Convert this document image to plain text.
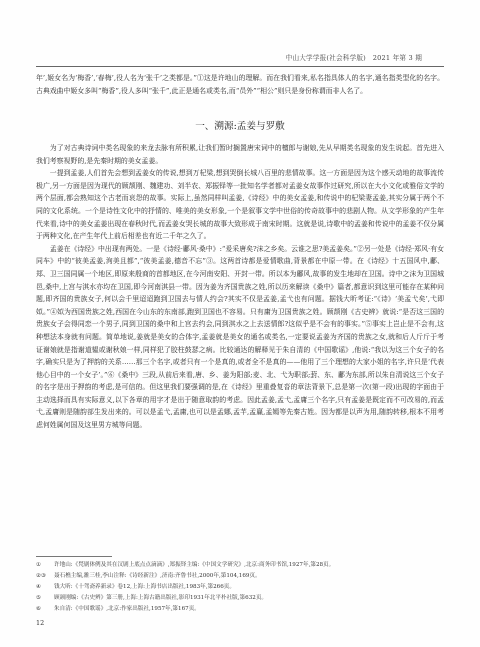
中山大学学报(社会科学版)　2021 年第 3 期

年’,姬女名为‘梅香’,‘春梅’,役人名为‘张千’之类都是。”①这是许地山的理解。而在我们看来,私名指具体人的名字,通名指类型化的名字。古典戏曲中姬女多叫“梅香”,役人多叫“张千”,此正是通名或类名,而“员外”“相公”则只是身份称谓而非人名了。

一、溯源:孟姜与罗敷

为了对古典诗词中类名现象的来龙去脉有所积累,让我们暂时搁置唐宋词中的檀郎与谢娘,先从早期类名现象的发生说起。首先进入我们考察视野的,是先秦时期的美女孟姜。

一提到孟姜,人们首先会想到孟姜女的传说,想到万杞梁,想到哭倒长城八百里的悲情故事。这一方面是因为这个感天动地的故事流传极广,另一方面是因为现代的顾颉刚、魏建功、刘半农、郑振铎等一批知名学者都对孟姜女故事作过研究,所以在大小文化或雅俗文学的两个层面,都会熟知这个古老而哀怨的故事。实际上,虽然同样叫孟姜,《诗经》中的美女孟姜,和传说中的杞梁妻孟姜,其实分属于两个不同的文化系统。一个是诗性文化中的抒情的、唯美的美女形象,一个是叙事文学中世俗的传奇故事中的悲剧人物。从文学形象的产生年代来看,诗中的美女孟姜出现在春秋时代,而孟姜女哭长城的故事大致形成于南宋时期。这就是说,诗歌中的孟姜和传说中的孟姜不仅分属于两种文化,在产生年代上前后相差也有近二千年之久了。

孟姜在《诗经》中出现有两处。一是《诗经·鄘风·桑中》:“爰采唐矣?沫之乡矣。云谁之思?美孟姜矣。”②另一处是《诗经·郑风·有女同车》中的“彼美孟姜,洵美且都”,“彼美孟姜,德音不忘”③。这两首诗都是爱情歌曲,背景都在中原一带。在《诗经》十五国风中,鄘、郑、卫三国同属一个地区,即原来殷商的首都地区,在今河南安阳、开封一带。所以本为鄘风,故事的发生地却在卫国。诗中之沫为卫国城邑,桑中,上宫与淇水亦均在卫国,即今河南淇县一带。因为姜为齐国贵族之姓,所以历来解读《桑中》篇者,都意识到这里可能存在某种问题,即齐国的贵族女子,何以会千里迢迢跑到卫国去与情人约会?其实不仅是孟姜,孟弋也有问题。据钱大昕考证:“《诗》‘美孟弋矣’,弋即姒。”④姒为西国贵族之姓,西国在今山东的东南部,跑到卫国也不容易。只有庸为卫国贵族之姓。顾颉刚《古史辨》就说:“是否这三国的贵族女子会得同恋一个男子,同到卫国的桑中和上宫去约会,同到淇水之上去送情郎?这似乎是不会有的事实。”⑤事实上岂止是不会有,这种想法本身就有问题。简单地说,姜就是美女的合体字,孟姜就是美女的通名或类名,一定要说孟姜为齐国的贵族之女,就和后人斤斤于考证谢娘就是指谢道韫或谢秋娘一样,同样犯了胶柱鼓瑟之病。比较通达的解释见于朱自清的《中国歌谣》,他说:“我以为这三个女子的名字,确实只是为了押韵的关系……那三个名字,或者只有一个是真的,或者全不是真的——他用了三个理想的大家小姐的名字,许只是‘代表他心目中的一个女子’。”⑥《桑中》三段,从前后来看,唐、乡、姜为阳部;麦、北、弋为职部;葑、东、鄘为东部,所以朱自清说这三个女子的名字是出于押韵的考虑,是可信的。但这里我们要强调的是,在《诗经》里重叠复沓的章法背景下,总是第一次(第一段)出现的字面由于主动选择而具有实际意义,以下各章的用字才是出于随意取韵的考虑。因此孟姜,孟弋,孟庸三个名字,只有孟姜是既定而不可改易的,而孟弋,孟庸则是随韵部生发出来的。可以是孟弋,孟庸,也可以是孟娜,孟芊,孟赢,孟嫣等先秦古姓。因为都是以声为用,随韵转移,根本不用考虑何姓属何国及这里男方城等问题。

①	许地山:《梵剧体例及其在汉剧上底点点滴滴》,郑振铎主编:《中国文学研究》,北京:商务印书馆,1927年,第28页。
②③	聂石樵主编,雒三桂,李山注释:《诗经新注》,济南:齐鲁书社,2000年,第104,169页。
④	钱大昕:《十驾斋养新录》卷12,上海:上海书店出版社,1983年,第266页。
⑤	顾颉刚编:《古史辨》第三册,上海:上海古籍出版社,影印1931年北平朴社版,第632页。
⑥	朱自清:《中国歌谣》,北京:作家出版社,1957年,第167页。
12
